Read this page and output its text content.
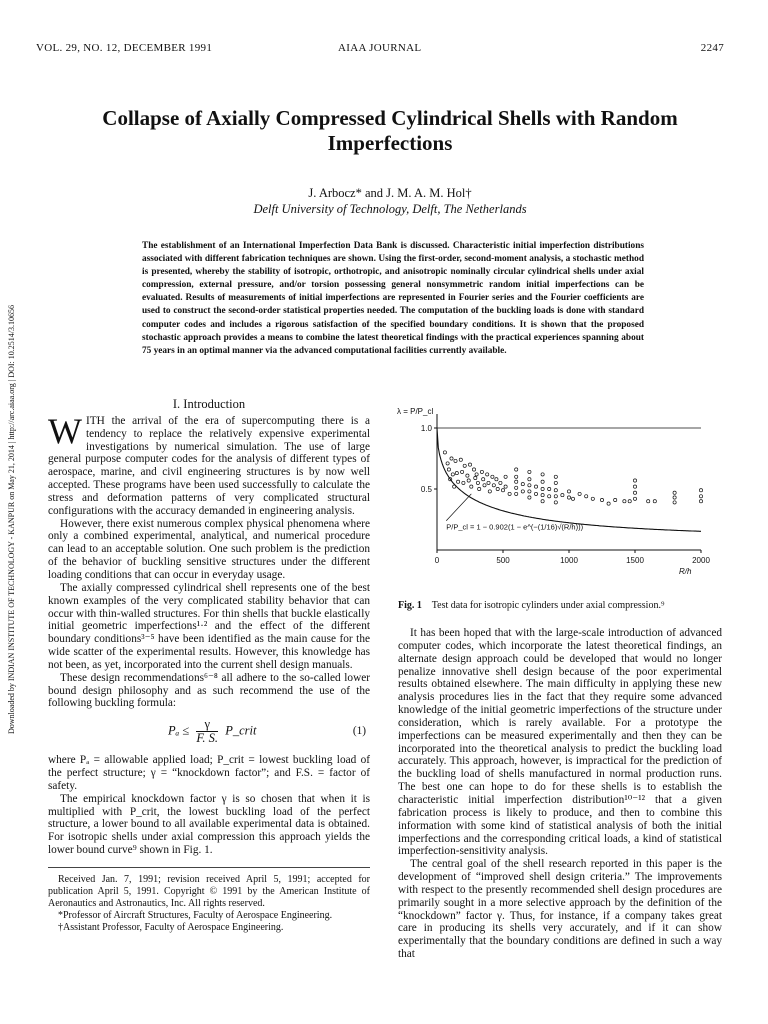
VOL. 29, NO. 12, DECEMBER 1991	AIAA JOURNAL	2247
Downloaded by INDIAN INSTITUTE OF TECHNOLOGY - KANPUR on May 21, 2014 | http://arc.aiaa.org | DOI: 10.2514/3.10656
Collapse of Axially Compressed Cylindrical Shells with Random Imperfections
J. Arbocz* and J. M. A. M. Hol†
Delft University of Technology, Delft, The Netherlands
The establishment of an International Imperfection Data Bank is discussed. Characteristic initial imperfection distributions associated with different fabrication techniques are shown. Using the first-order, second-moment analysis, a stochastic method is presented, whereby the stability of isotropic, orthotropic, and anisotropic nominally circular cylindrical shells under axial compression, external pressure, and/or torsion possessing general nonsymmetric random initial imperfections can be evaluated. Results of measurements of initial imperfections are represented in Fourier series and the Fourier coefficients are used to construct the second-order statistical properties needed. The computation of the buckling loads is done with standard computer codes and includes a rigorous satisfaction of the specified boundary conditions. It is shown that the proposed stochastic approach provides a means to combine the latest theoretical findings with the practical experiences spanning about 75 years in an optimal manner via the advanced computational facilities currently available.
I. Introduction

W ITH the arrival of the era of supercomputing there is a tendency to replace the relatively expensive experimental investigations by numerical simulation. The use of large general purpose computer codes for the analysis of different types of aerospace, marine, and civil engineering structures is by now well accepted. These programs have been used successfully to calculate the stress and deformation patterns of very complicated structural configurations with the accuracy demanded in engineering analysis.

However, there exist numerous complex physical phenomena where only a combined experimental, analytical, and numerical procedure can lead to an acceptable solution. One such problem is the prediction of the behavior of buckling sensitive structures under the different loading conditions that can occur in everyday usage.

The axially compressed cylindrical shell represents one of the best known examples of the very complicated stability behavior that can occur with thin-walled structures. For thin shells that buckle elastically initial geometric imperfections¹·² and the effect of the different boundary conditions³⁻⁵ have been identified as the main cause for the wide scatter of the experimental results. However, this knowledge has not been, as yet, incorporated into the current shell design manuals.

These design recommendations⁶⁻⁸ all adhere to the so-called lower bound design philosophy and as such recommend the use of the following buckling formula:

$P_a \le \frac{\gamma}{F. S.}$ P_crit	(1)

where Pₐ = allowable applied load; P_crit = lowest buckling load of the perfect structure; γ = “knockdown factor”; and F.S. = factor of safety.

The empirical knockdown factor γ is so chosen that when it is multiplied with P_crit, the lowest buckling load of the perfect structure, a lower bound to all available experimental data is obtained. For isotropic shells under axial compression this approach yields the lower bound curve⁹ shown in Fig. 1.

Received Jan. 7, 1991; revision received April 5, 1991; accepted for publication April 5, 1991. Copyright © 1991 by the American Institute of Aeronautics and Astronautics, Inc. All rights reserved.

*Professor of Aircraft Structures, Faculty of Aerospace Engineering.

†Assistant Professor, Faculty of Aerospace Engineering.

0	500	1000	1500	2000
0.5
1.0
λ = P/P_cl
R/h
P/P_cl = 1 − 0.902(1 − e^(−(1/16)√(R/h)))
Fig. 1 Test data for isotropic cylinders under axial compression.⁹

It has been hoped that with the large-scale introduction of advanced computer codes, which incorporate the latest theoretical findings, an alternate design approach could be developed that would no longer penalize innovative shell design because of the poor experimental results obtained elsewhere. The main difficulty in applying these new analysis procedures lies in the fact that they require some advanced knowledge of the initial geometric imperfections of the structure under consideration, which is rarely available. For a prototype the imperfections can be measured experimentally and then they can be incorporated into the theoretical analysis to predict the buckling load accurately. This approach, however, is impractical for the prediction of the buckling load of shells manufactured in normal production runs. The best one can hope to do for these shells is to establish the characteristic initial imperfection distribution¹⁰⁻¹² that a given fabrication process is likely to produce, and then to combine this information with some kind of statistical analysis of both the initial imperfections and the corresponding critical loads, a kind of statistical imperfection-sensitivity analysis.

The central goal of the shell research reported in this paper is the development of “improved shell design criteria.” The improvements with respect to the presently recommended shell design procedures are primarily sought in a more selective approach by the definition of the “knockdown” factor γ. Thus, for instance, if a company takes great care in producing its shells very accurately, and if it can show experimentally that the boundary conditions are defined in such a way that
